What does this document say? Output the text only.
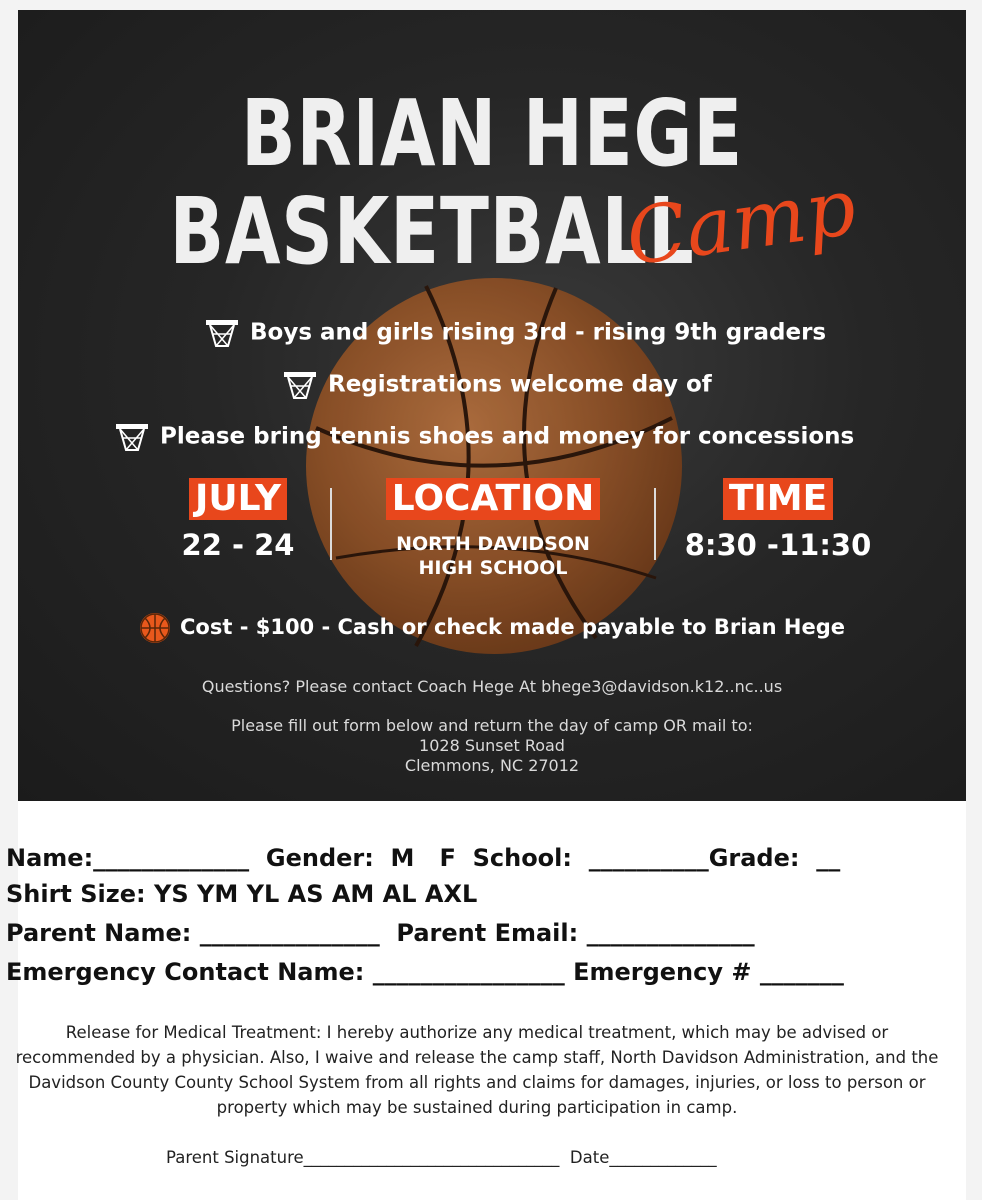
BRIAN HEGE
BASKETBALL
Camp
Boys and girls rising 3rd - rising 9th graders
Registrations welcome day of
Please bring tennis shoes and money for concessions
JULY
22 - 24
LOCATION
NORTH DAVIDSON
HIGH SCHOOL
TIME
8:30 -11:30
Cost - $100 - Cash or check made payable to Brian Hege
Questions? Please contact Coach Hege At bhege3@davidson.k12..nc..us
Please fill out form below and return the day of camp OR mail to:
1028 Sunset Road
Clemmons, NC 27012
Name:_____________  Gender:  M   F  School:  __________Grade:  __
Shirt Size: YS YM YL AS AM AL AXL
Parent Name: _______________  Parent Email: ______________
Emergency Contact Name: ________________ Emergency # _______
Release for Medical Treatment: I hereby authorize any medical treatment, which may be advised or recommended by a physician. Also, I waive and release the camp staff, North Davidson Administration, and the Davidson County County School System from all rights and claims for damages, injuries, or loss to person or property which may be sustained during participation in camp.
Parent Signature_______________________________  Date_____________
